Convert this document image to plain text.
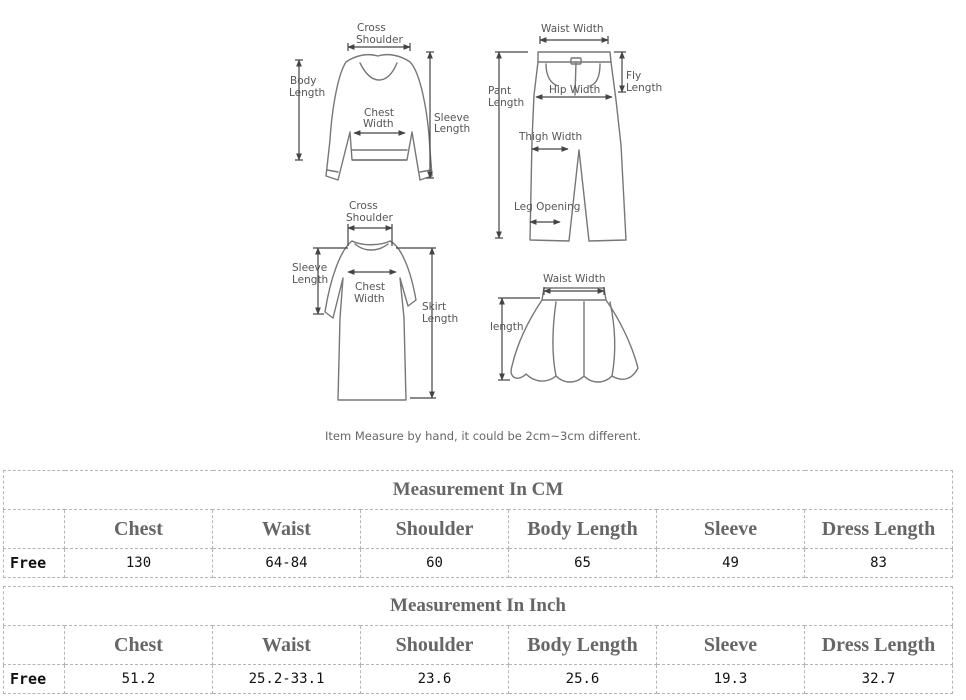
Cross
Shoulder
Body
Length
Chest
Width	Sleeve
Length
Waist Width
Pant
Length
Hip Width
Fly
Length
Thigh Width
Leg Opening
Cross
Shoulder
Sleeve
Length
Chest
Width
Skirt
Length
Waist Width
length
Item Measure by hand, it could be 2cm~3cm different.
Measurement In CM						
	Chest	Waist	Shoulder	Body Length	Sleeve	Dress Length
Free	130	64-84	60	65	49	83
Measurement In Inch						
	Chest	Waist	Shoulder	Body Length	Sleeve	Dress Length
Free	51.2	25.2-33.1	23.6	25.6	19.3	32.7
